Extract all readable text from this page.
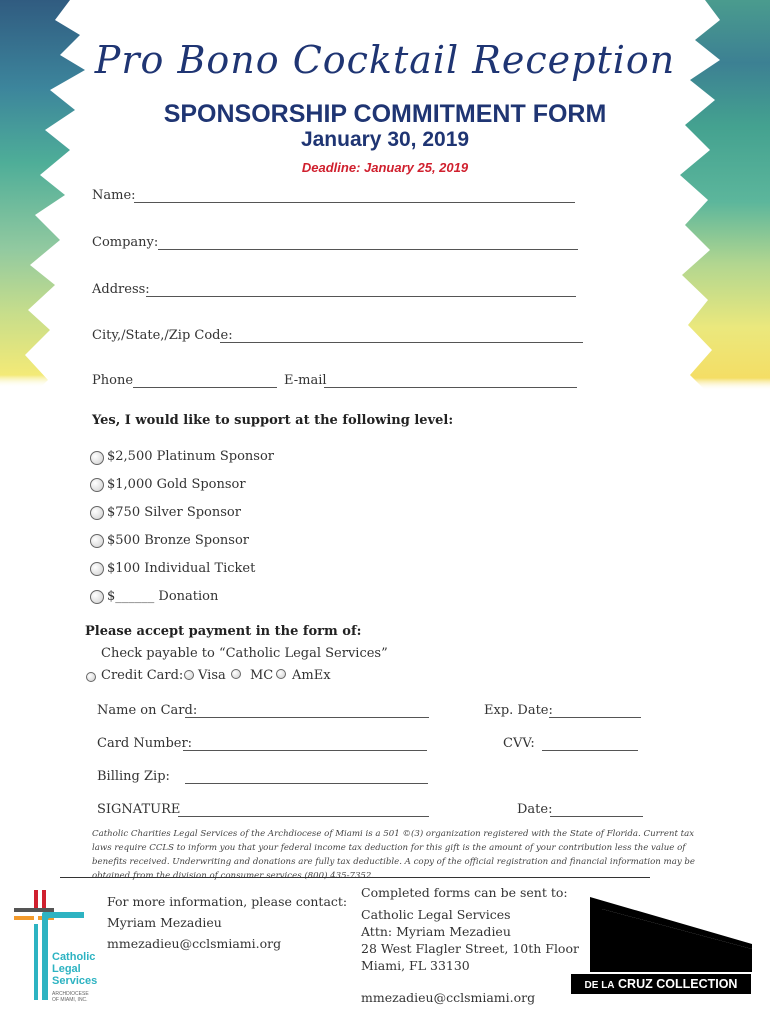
Pro Bono Cocktail Reception
SPONSORSHIP COMMITMENT FORM
January 30, 2019
Deadline: January 25, 2019
Name:
Company:
Address:
City,/State,/Zip Code:
Phone	E-mail
Yes, I would like to support at the following level:
$2,500 Platinum Sponsor
$1,000 Gold Sponsor
$750 Silver Sponsor
$500 Bronze Sponsor
$100 Individual Ticket
$______ Donation
Please accept payment in the form of:
Check payable to “Catholic Legal Services”
Credit Card: Visa MC AmEx
Name on Card:	Exp. Date:
Card Number:	CVV:
Billing Zip:
SIGNATURE	Date:
Catholic Charities Legal Services of the Archdiocese of Miami is a 501 ©(3) organization registered with the State of Florida. Current tax laws require CCLS to inform you that your federal income tax deduction for this gift is the amount of your contribution less the value of benefits received. Underwriting and donations are fully tax deductible. A copy of the official registration and financial information may be obtained from the division of consumer services (800) 435-7352.
Catholic
Legal
Services
ARCHDIOCESE
OF MIAMI, INC.
For more information, please contact:
Myriam Mezadieu
mmezadieu@cclsmiami.org
Completed forms can be sent to:
Catholic Legal Services
Attn: Myriam Mezadieu
28 West Flagler Street, 10th Floor
Miami, FL 33130
mmezadieu@cclsmiami.org
DE LA CRUZ COLLECTION
